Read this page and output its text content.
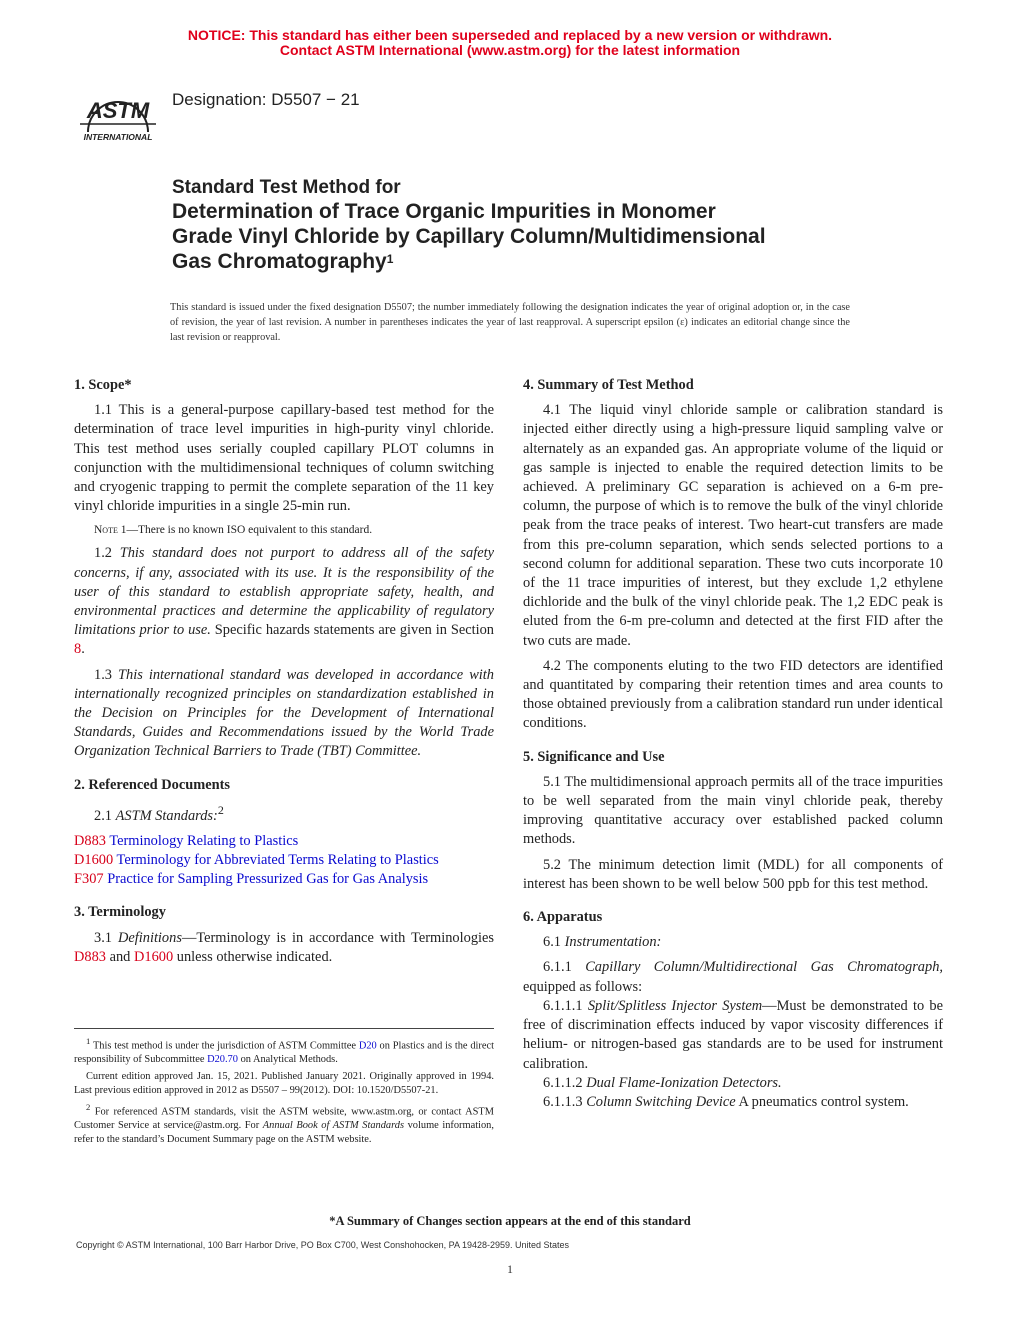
NOTICE: This standard has either been superseded and replaced by a new version or withdrawn.
Contact ASTM International (www.astm.org) for the latest information
ASTM
INTERNATIONAL
Designation: D5507 − 21
Standard Test Method for
Determination of Trace Organic Impurities in Monomer
Grade Vinyl Chloride by Capillary Column/Multidimensional
Gas Chromatography$^1$
This standard is issued under the fixed designation D5507; the number immediately following the designation indicates the year of original adoption or, in the case of revision, the year of last revision. A number in parentheses indicates the year of last reapproval. A superscript epsilon (ε) indicates an editorial change since the last revision or reapproval.
1. Scope*
1.1 This is a general-purpose capillary-based test method for the determination of trace level impurities in high-purity vinyl chloride. This test method uses serially coupled capillary PLOT columns in conjunction with the multidimensional techniques of column switching and cryogenic trapping to permit the complete separation of the 11 key vinyl chloride impurities in a single 25-min run.
Note 1—There is no known ISO equivalent to this standard.
1.2 This standard does not purport to address all of the safety concerns, if any, associated with its use. It is the responsibility of the user of this standard to establish appropriate safety, health, and environmental practices and determine the applicability of regulatory limitations prior to use. Specific hazards statements are given in Section 8.
1.3 This international standard was developed in accordance with internationally recognized principles on standardization established in the Decision on Principles for the Development of International Standards, Guides and Recommendations issued by the World Trade Organization Technical Barriers to Trade (TBT) Committee.
2. Referenced Documents
2.1 ASTM Standards:$^2$
D883 Terminology Relating to Plastics
D1600 Terminology for Abbreviated Terms Relating to Plastics
F307 Practice for Sampling Pressurized Gas for Gas Analysis
3. Terminology
3.1 Definitions—Terminology is in accordance with Terminologies D883 and D1600 unless otherwise indicated.
$^1$ This test method is under the jurisdiction of ASTM Committee D20 on Plastics and is the direct responsibility of Subcommittee D20.70 on Analytical Methods.
Current edition approved Jan. 15, 2021. Published January 2021. Originally approved in 1994. Last previous edition approved in 2012 as D5507 – 99(2012). DOI: 10.1520/D5507-21.
$^2$ For referenced ASTM standards, visit the ASTM website, www.astm.org, or contact ASTM Customer Service at service@astm.org. For Annual Book of ASTM Standards volume information, refer to the standard’s Document Summary page on the ASTM website.
4. Summary of Test Method
4.1 The liquid vinyl chloride sample or calibration standard is injected either directly using a high-pressure liquid sampling valve or alternately as an expanded gas. An appropriate volume of the liquid or gas sample is injected to enable the required detection limits to be achieved. A preliminary GC separation is achieved on a 6-m pre-column, the purpose of which is to remove the bulk of the vinyl chloride peak from the trace peaks of interest. Two heart-cut transfers are made from this pre-column separation, which sends selected portions to a second column for additional separation. These two cuts incorporate 10 of the 11 trace impurities of interest, but they exclude 1,2 ethylene dichloride and the bulk of the vinyl chloride peak. The 1,2 EDC peak is eluted from the 6-m pre-column and detected at the first FID after the two cuts are made.
4.2 The components eluting to the two FID detectors are identified and quantitated by comparing their retention times and area counts to those obtained previously from a calibration standard run under identical conditions.
5. Significance and Use
5.1 The multidimensional approach permits all of the trace impurities to be well separated from the main vinyl chloride peak, thereby improving quantitative accuracy over established packed column methods.
5.2 The minimum detection limit (MDL) for all components of interest has been shown to be well below 500 ppb for this test method.
6. Apparatus
6.1 Instrumentation:
6.1.1 Capillary Column/Multidirectional Gas Chromatograph, equipped as follows:
6.1.1.1 Split/Splitless Injector System—Must be demonstrated to be free of discrimination effects induced by vapor viscosity differences if helium- or nitrogen-based gas standards are to be used for instrument calibration.
6.1.1.2 Dual Flame-Ionization Detectors.
6.1.1.3 Column Switching Device A pneumatics control system.
*A Summary of Changes section appears at the end of this standard
Copyright © ASTM International, 100 Barr Harbor Drive, PO Box C700, West Conshohocken, PA 19428-2959. United States
1
